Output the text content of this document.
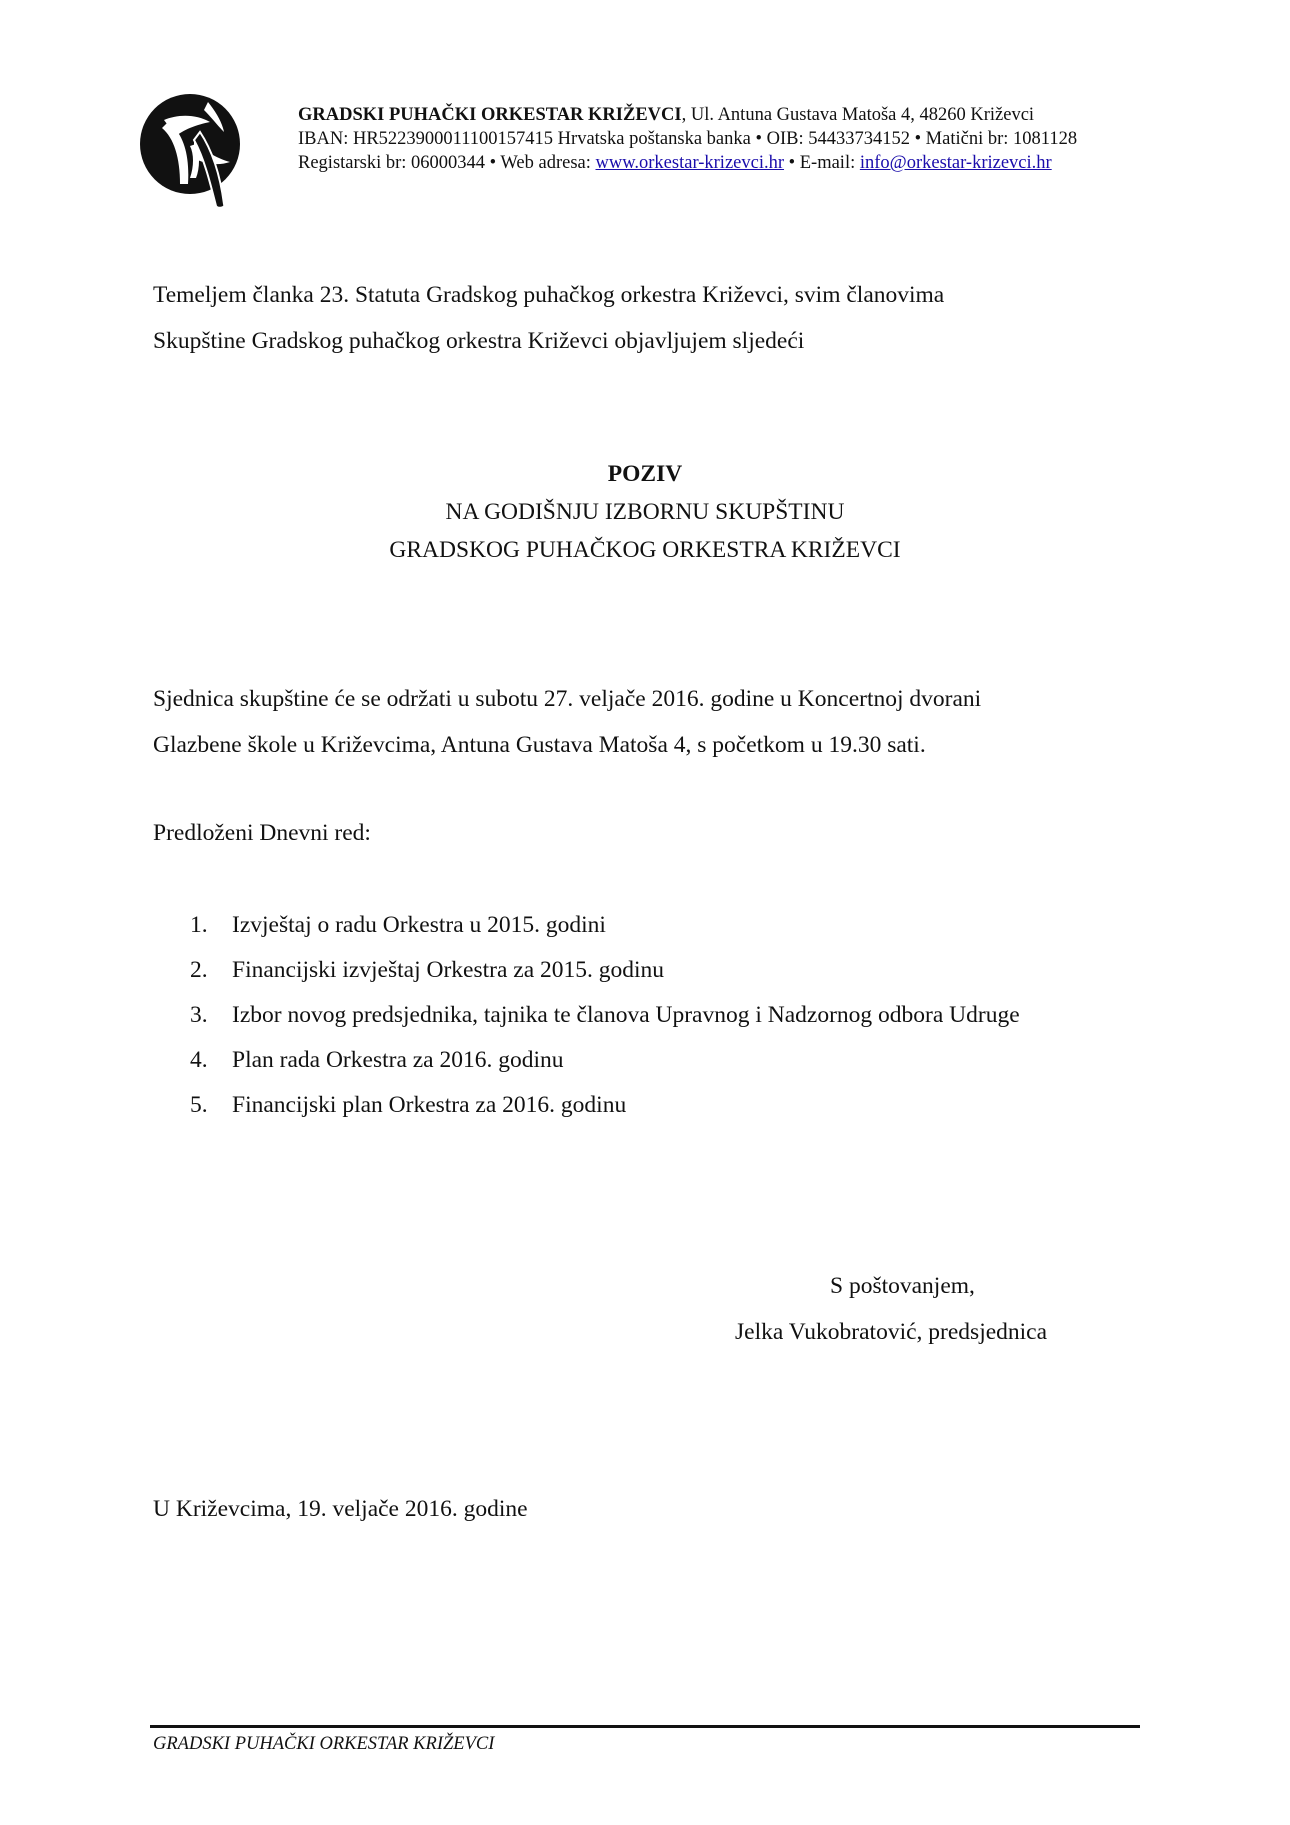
GRADSKI PUHAČKI ORKESTAR KRIŽEVCI, Ul. Antuna Gustava Matoša 4, 48260 Križevci
IBAN: HR5223900011100157415 Hrvatska poštanska banka • OIB: 54433734152 • Matični br: 1081128
Registarski br: 06000344 • Web adresa: www.orkestar-krizevci.hr • E-mail: info@orkestar-krizevci.hr
Temeljem članka 23. Statuta Gradskog puhačkog orkestra Križevci, svim članovima
Skupštine Gradskog puhačkog orkestra Križevci objavljujem sljedeći
POZIV
NA GODIŠNJU IZBORNU SKUPŠTINU
GRADSKOG PUHAČKOG ORKESTRA KRIŽEVCI
Sjednica skupštine će se održati u subotu 27. veljače 2016. godine u Koncertnoj dvorani
Glazbene škole u Križevcima, Antuna Gustava Matoša 4, s početkom u 19.30 sati.
Predloženi Dnevni red:
1.	Izvještaj o radu Orkestra u 2015. godini
2.	Financijski izvještaj Orkestra za 2015. godinu
3.	Izbor novog predsjednika, tajnika te članova Upravnog i Nadzornog odbora Udruge
4.	Plan rada Orkestra za 2016. godinu
5.	Financijski plan Orkestra za 2016. godinu
S poštovanjem,
Jelka Vukobratović, predsjednica
U Križevcima, 19. veljače 2016. godine
GRADSKI PUHAČKI ORKESTAR KRIŽEVCI
